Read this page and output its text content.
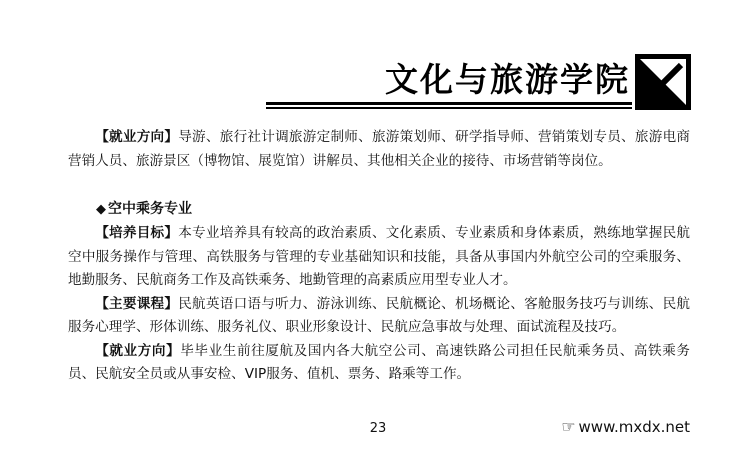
文化与旅游学院

【就业方向】导游、旅行社计调旅游定制师、旅游策划师、研学指导师、营销策划专员、旅游电商营销人员、旅游景区（博物馆、展览馆）讲解员、其他相关企业的接待、市场营销等岗位。

◆ 空中乘务专业

【培养目标】本专业培养具有较高的政治素质、文化素质、专业素质和身体素质，熟练地掌握民航空中服务操作与管理、高铁服务与管理的专业基础知识和技能，具备从事国内外航空公司的空乘服务、地勤服务、民航商务工作及高铁乘务、地勤管理的高素质应用型专业人才。

【主要课程】民航英语口语与听力、游泳训练、民航概论、机场概论、客舱服务技巧与训练、民航服务心理学、形体训练、服务礼仪、职业形象设计、民航应急事故与处理、面试流程及技巧。

【就业方向】毕毕业生前往厦航及国内各大航空公司、高速铁路公司担任民航乘务员、高铁乘务员、民航安全员或从事安检、VIP服务、值机、票务、路乘等工作。

23	☞ www.mxdx.net
